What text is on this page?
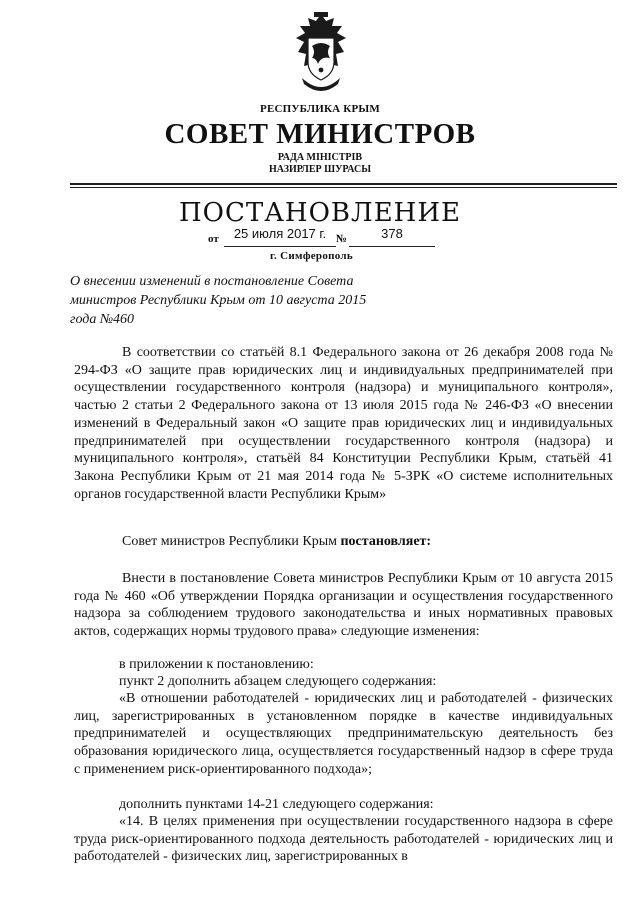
РЕСПУБЛИКА КРЫМ
СОВЕТ МИНИСТРОВ
РАДА МІНІСТРІВ
НАЗИРЛЕР ШУРАСЫ
ПОСТАНОВЛЕНИЕ
от	25 июля 2017 г. №	378
г. Симферополь
О внесении изменений в постановление Совета министров Республики Крым от 10 августа 2015 года №460
В соответствии со статьёй 8.1 Федерального закона от 26 декабря 2008 года № 294-ФЗ «О защите прав юридических лиц и индивидуальных предпринимателей при осуществлении государственного контроля (надзора) и муниципального контроля», частью 2 статьи 2 Федерального закона от 13 июля 2015 года № 246-ФЗ «О внесении изменений в Федеральный закон «О защите прав юридических лиц и индивидуальных предпринимателей при осуществлении государственного контроля (надзора) и муниципального контроля», статьёй 84 Конституции Республики Крым, статьёй 41 Закона Республики Крым от 21 мая 2014 года № 5-ЗРК «О системе исполнительных органов государственной власти Республики Крым»
Совет министров Республики Крым постановляет:
Внести в постановление Совета министров Республики Крым от 10 августа 2015 года № 460 «Об утверждении Порядка организации и осуществления государственного надзора за соблюдением трудового законодательства и иных нормативных правовых актов, содержащих нормы трудового права» следующие изменения:
в приложении к постановлению:
пункт 2 дополнить абзацем следующего содержания:
«В отношении работодателей - юридических лиц и работодателей - физических лиц, зарегистрированных в установленном порядке в качестве индивидуальных предпринимателей и осуществляющих предпринимательскую деятельность без образования юридического лица, осуществляется государственный надзор в сфере труда с применением риск-ориентированного подхода»;
дополнить пунктами 14-21 следующего содержания:
«14. В целях применения при осуществлении государственного надзора в сфере труда риск-ориентированного подхода деятельность работодателей - юридических лиц и работодателей - физических лиц, зарегистрированных в
